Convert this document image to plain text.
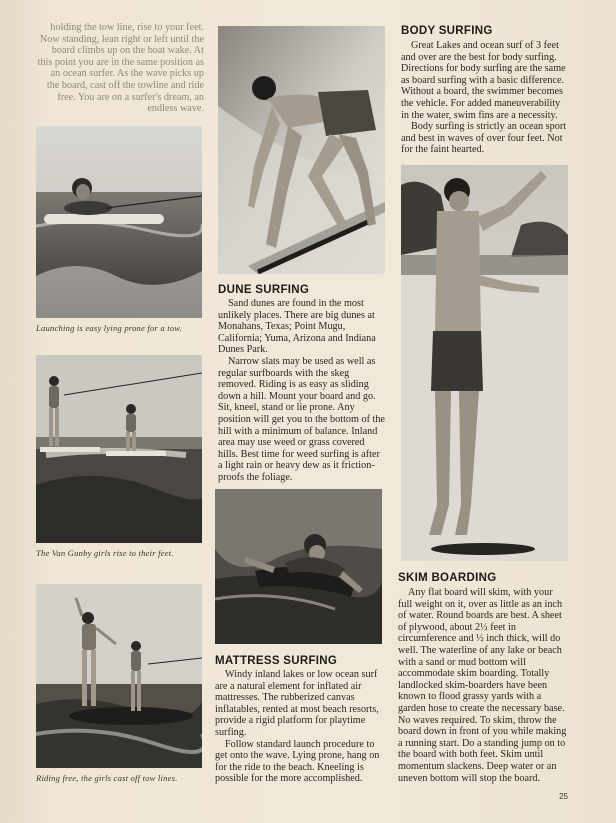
holding the tow line, rise to your feet. Now standing, lean right or left until the board climbs up on the boat wake. At this point you are in the same position as an ocean surfer. As the wave picks up the board, cast off the towline and ride free. You are on a surfer's dream, an endless wave.
Launching is easy lying prone for a tow.
The Van Gunby girls rise to their feet.
Riding free, the girls cast off tow lines.
DUNE SURFING

Sand dunes are found in the most unlikely places. There are big dunes at Monahans, Texas; Point Mugu, California; Yuma, Arizona and Indiana Dunes Park.

Narrow slats may be used as well as regular surfboards with the skeg removed. Riding is as easy as sliding down a hill. Mount your board and go. Sit, kneel, stand or lie prone. Any position will get you to the bottom of the hill with a minimum of balance. Inland area may use weed or grass covered hills. Best time for weed surfing is after a light rain or heavy dew as it friction-proofs the foliage.

MATTRESS SURFING

Windy inland lakes or low ocean surf are a natural element for inflated air mattresses. The rubberized canvas inflatables, rented at most beach resorts, provide a rigid platform for playtime surfing.

Follow standard launch procedure to get onto the wave. Lying prone, hang on for the ride to the beach. Kneeling is possible for the more accomplished.

BODY SURFING

Great Lakes and ocean surf of 3 feet and over are the best for body surfing. Directions for body surfing are the same as board surfing with a basic difference. Without a board, the swimmer becomes the vehicle. For added maneuverability in the water, swim fins are a necessity.

Body surfing is strictly an ocean sport and best in waves of over four feet. Not for the faint hearted.

SKIM BOARDING

Any flat board will skim, with your full weight on it, over as little as an inch of water. Round boards are best. A sheet of plywood, about 2½ feet in circumference and ½ inch thick, will do well. The waterline of any lake or beach with a sand or mud bottom will accommodate skim boarding. Totally landlocked skim-boarders have been known to flood grassy yards with a garden hose to create the necessary base. No waves required. To skim, throw the board down in front of you while making a running start. Do a standing jump on to the board with both feet. Skim until momentum slackens. Deep water or an uneven bottom will stop the board.

25
